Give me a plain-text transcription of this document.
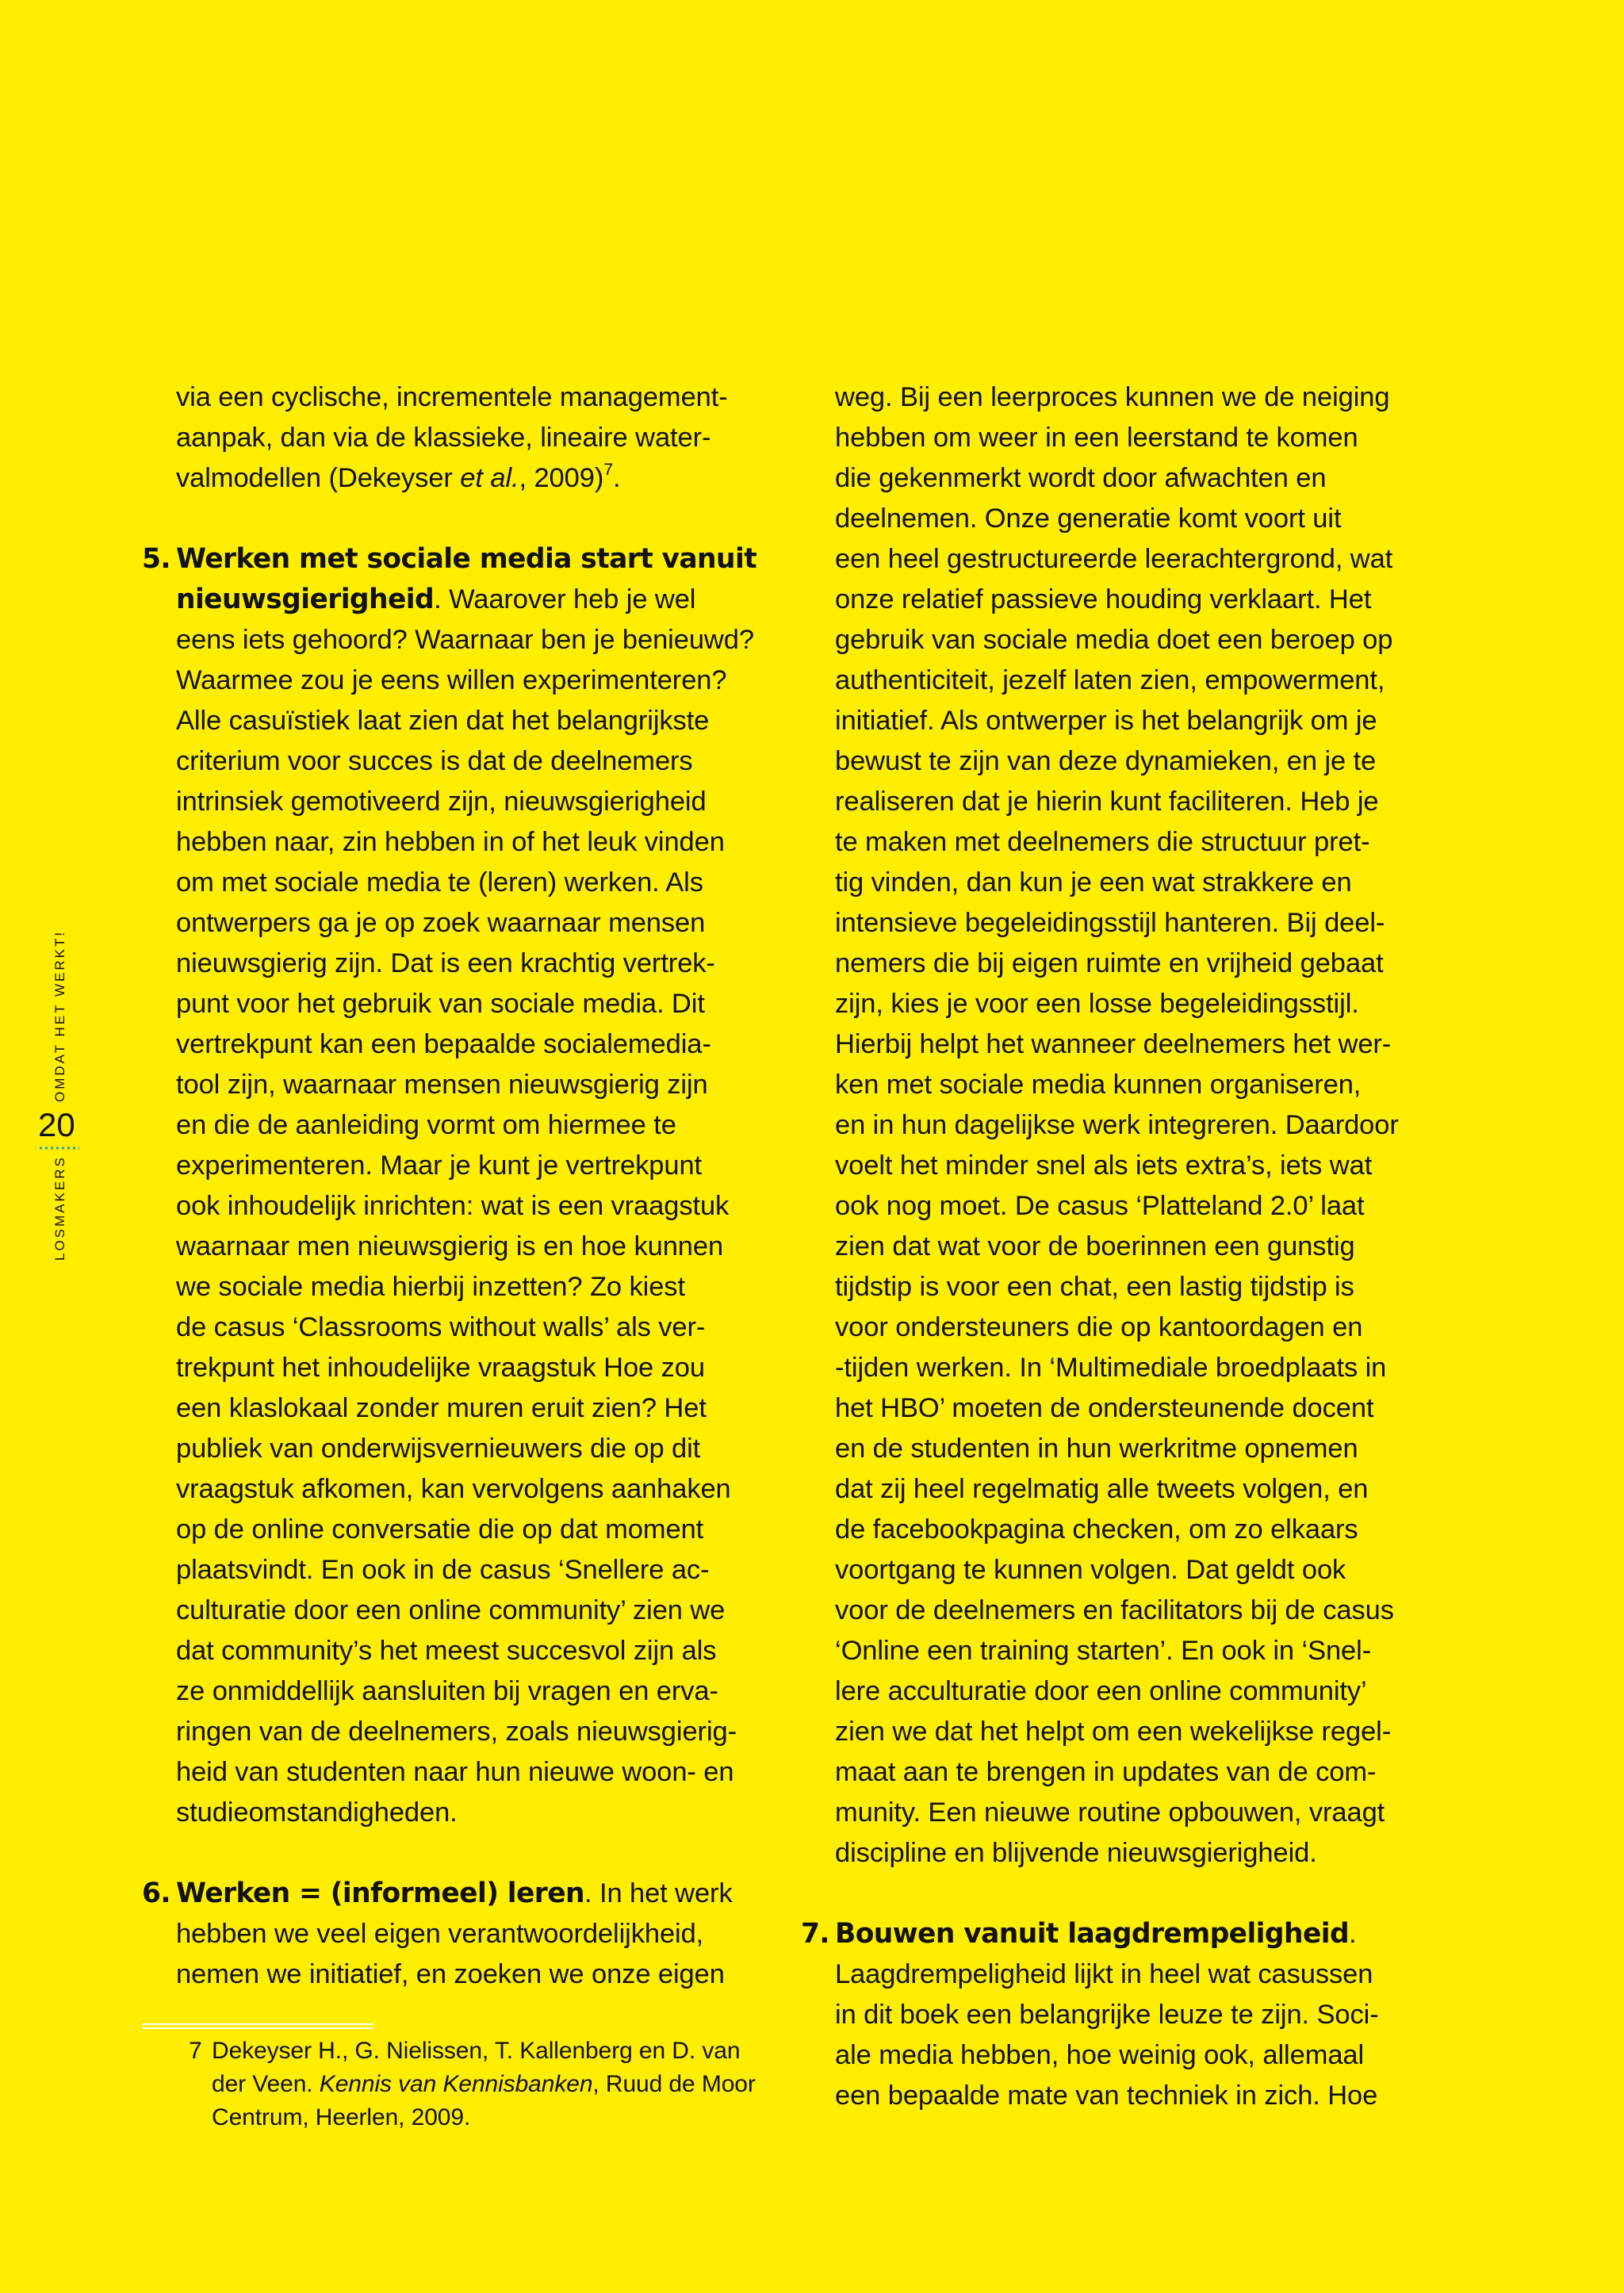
OMDAT HET WERKT!
20
LOSMAKERS
via een cyclische, incrementele management-
aanpak, dan via de klassieke, lineaire water-
valmodellen (Dekeyser et al., 2009)$^7$.
5. Werken met sociale media start vanuit
nieuwsgierigheid. Waarover heb je wel
eens iets gehoord? Waarnaar ben je benieuwd?
Waarmee zou je eens willen experimenteren?
Alle casuïstiek laat zien dat het belangrijkste
criterium voor succes is dat de deelnemers
intrinsiek gemotiveerd zijn, nieuwsgierigheid
hebben naar, zin hebben in of het leuk vinden
om met sociale media te (leren) werken. Als
ontwerpers ga je op zoek waarnaar mensen
nieuwsgierig zijn. Dat is een krachtig vertrek-
punt voor het gebruik van sociale media. Dit
vertrekpunt kan een bepaalde socialemedia-
tool zijn, waarnaar mensen nieuwsgierig zijn
en die de aanleiding vormt om hiermee te
experimenteren. Maar je kunt je vertrekpunt
ook inhoudelijk inrichten: wat is een vraagstuk
waarnaar men nieuwsgierig is en hoe kunnen
we sociale media hierbij inzetten? Zo kiest
de casus ‘Classrooms without walls’ als ver-
trekpunt het inhoudelijke vraagstuk Hoe zou
een klaslokaal zonder muren eruit zien? Het
publiek van onderwijsvernieuwers die op dit
vraagstuk afkomen, kan vervolgens aanhaken
op de online conversatie die op dat moment
plaatsvindt. En ook in de casus ‘Snellere ac-
culturatie door een online community’ zien we
dat community’s het meest succesvol zijn als
ze onmiddellijk aansluiten bij vragen en erva-
ringen van de deelnemers, zoals nieuwsgierig-
heid van studenten naar hun nieuwe woon- en
studieomstandigheden.
6. Werken = (informeel) leren. In het werk
hebben we veel eigen verantwoordelijkheid,
nemen we initiatief, en zoeken we onze eigen
7 Dekeyser H., G. Nielissen, T. Kallenberg en D. van
der Veen. Kennis van Kennisbanken, Ruud de Moor
Centrum, Heerlen, 2009.
weg. Bij een leerproces kunnen we de neiging
hebben om weer in een leerstand te komen
die gekenmerkt wordt door afwachten en
deelnemen. Onze generatie komt voort uit
een heel gestructureerde leerachtergrond, wat
onze relatief passieve houding verklaart. Het
gebruik van sociale media doet een beroep op
authenticiteit, jezelf laten zien, empowerment,
initiatief. Als ontwerper is het belangrijk om je
bewust te zijn van deze dynamieken, en je te
realiseren dat je hierin kunt faciliteren. Heb je
te maken met deelnemers die structuur pret-
tig vinden, dan kun je een wat strakkere en
intensieve begeleidingsstijl hanteren. Bij deel-
nemers die bij eigen ruimte en vrijheid gebaat
zijn, kies je voor een losse begeleidingsstijl.
Hierbij helpt het wanneer deelnemers het wer-
ken met sociale media kunnen organiseren,
en in hun dagelijkse werk integreren. Daardoor
voelt het minder snel als iets extra’s, iets wat
ook nog moet. De casus ‘Platteland 2.0’ laat
zien dat wat voor de boerinnen een gunstig
tijdstip is voor een chat, een lastig tijdstip is
voor ondersteuners die op kantoordagen en
-tijden werken. In ‘Multimediale broedplaats in
het HBO’ moeten de ondersteunende docent
en de studenten in hun werkritme opnemen
dat zij heel regelmatig alle tweets volgen, en
de facebookpagina checken, om zo elkaars
voortgang te kunnen volgen. Dat geldt ook
voor de deelnemers en facilitators bij de casus
‘Online een training starten’. En ook in ‘Snel-
lere acculturatie door een online community’
zien we dat het helpt om een wekelijkse regel-
maat aan te brengen in updates van de com-
munity. Een nieuwe routine opbouwen, vraagt
discipline en blijvende nieuwsgierigheid.
7. Bouwen vanuit laagdrempeligheid.
Laagdrempeligheid lijkt in heel wat casussen
in dit boek een belangrijke leuze te zijn. Soci-
ale media hebben, hoe weinig ook, allemaal
een bepaalde mate van techniek in zich. Hoe
